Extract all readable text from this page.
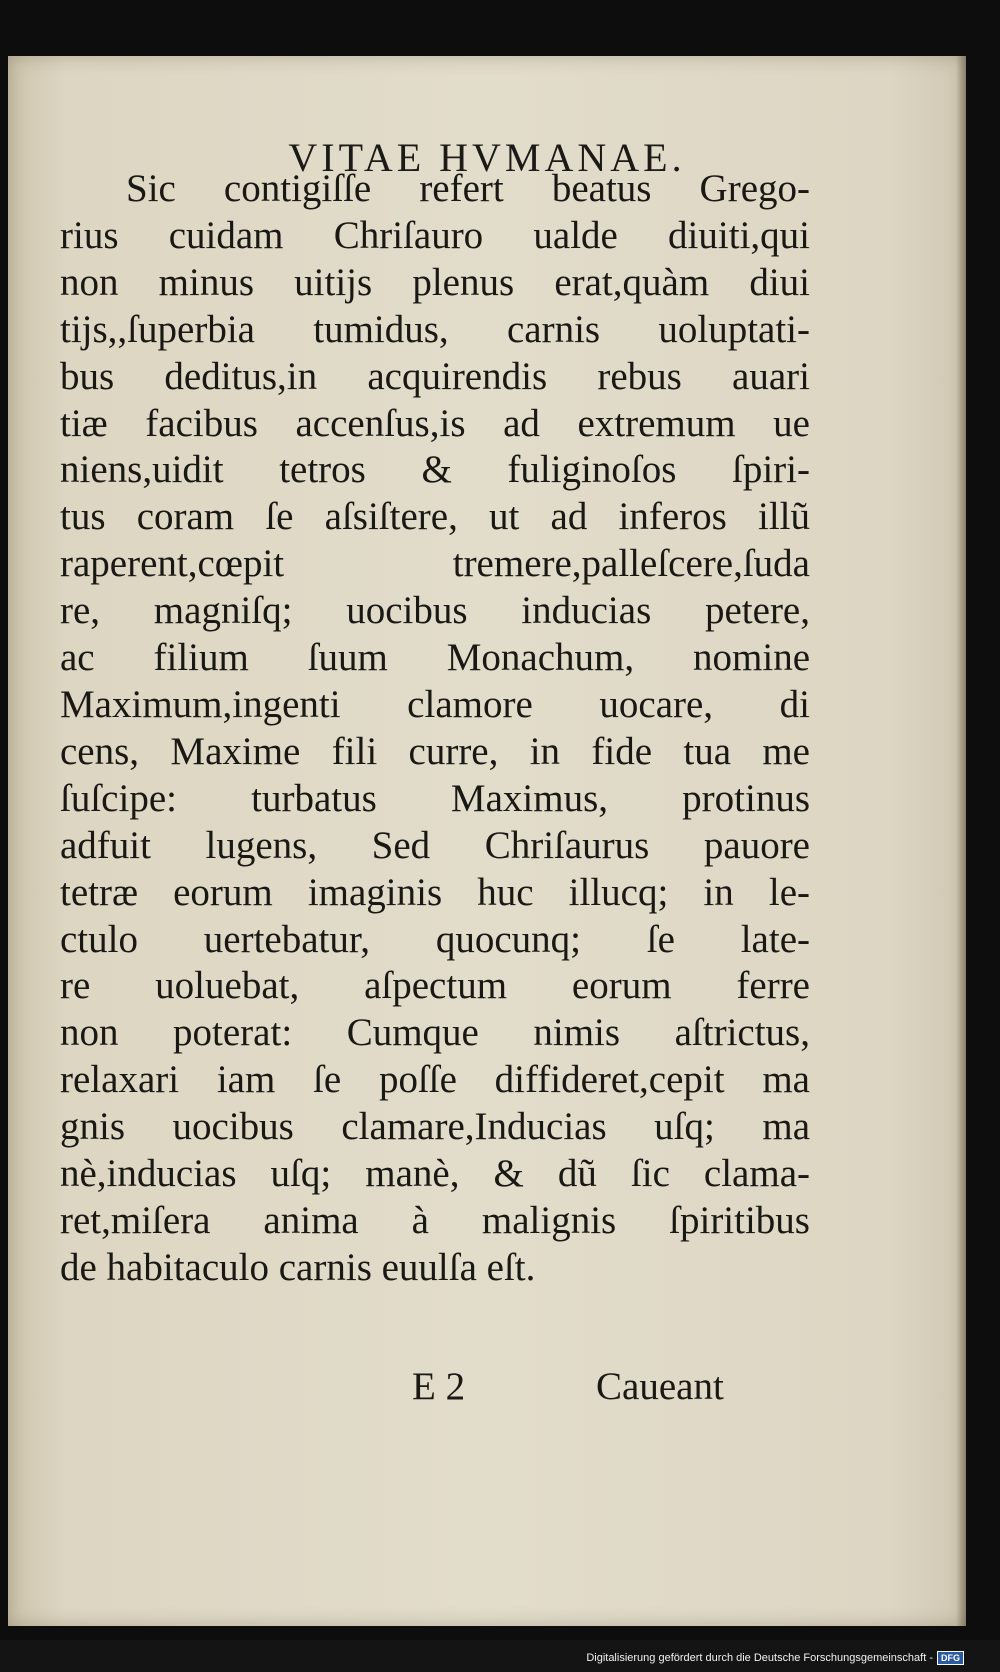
VITAE HVMANAE.
Sic contigiſſe refert beatus Grego-
rius cuidam Chriſauro ualde diuiti,qui
non minus uitijs plenus erat,quàm diui
tijs,,ſuperbia tumidus, carnis uoluptati-
bus deditus,in acquirendis rebus auari
tiæ facibus accenſus,is ad extremum ue
niens,uidit tetros & fuliginoſos ſpiri-
tus coram ſe aſsiſtere, ut ad inferos illũ
raperent,cœpit tremere,palleſcere,ſuda
re, magniſq; uocibus inducias petere,
ac filium ſuum Monachum, nomine
Maximum,ingenti clamore uocare, di
cens, Maxime fili curre, in fide tua me
ſuſcipe: turbatus Maximus, protinus
adfuit lugens, Sed Chriſaurus pauore
tetræ eorum imaginis huc illucq; in le-
ctulo uertebatur, quocunq; ſe late-
re uoluebat, aſpectum eorum ferre
non poterat: Cumque nimis aſtrictus,
relaxari iam ſe poſſe diffideret,cepit ma
gnis uocibus clamare,Inducias uſq; ma
nè,inducias uſq; manè, & dũ ſic clama-
ret,miſera anima à malignis ſpiritibus
de habitaculo carnis euulſa eſt.
E 2	Caueant
Digitalisierung gefördert durch die Deutsche Forschungsgemeinschaft - DFG
